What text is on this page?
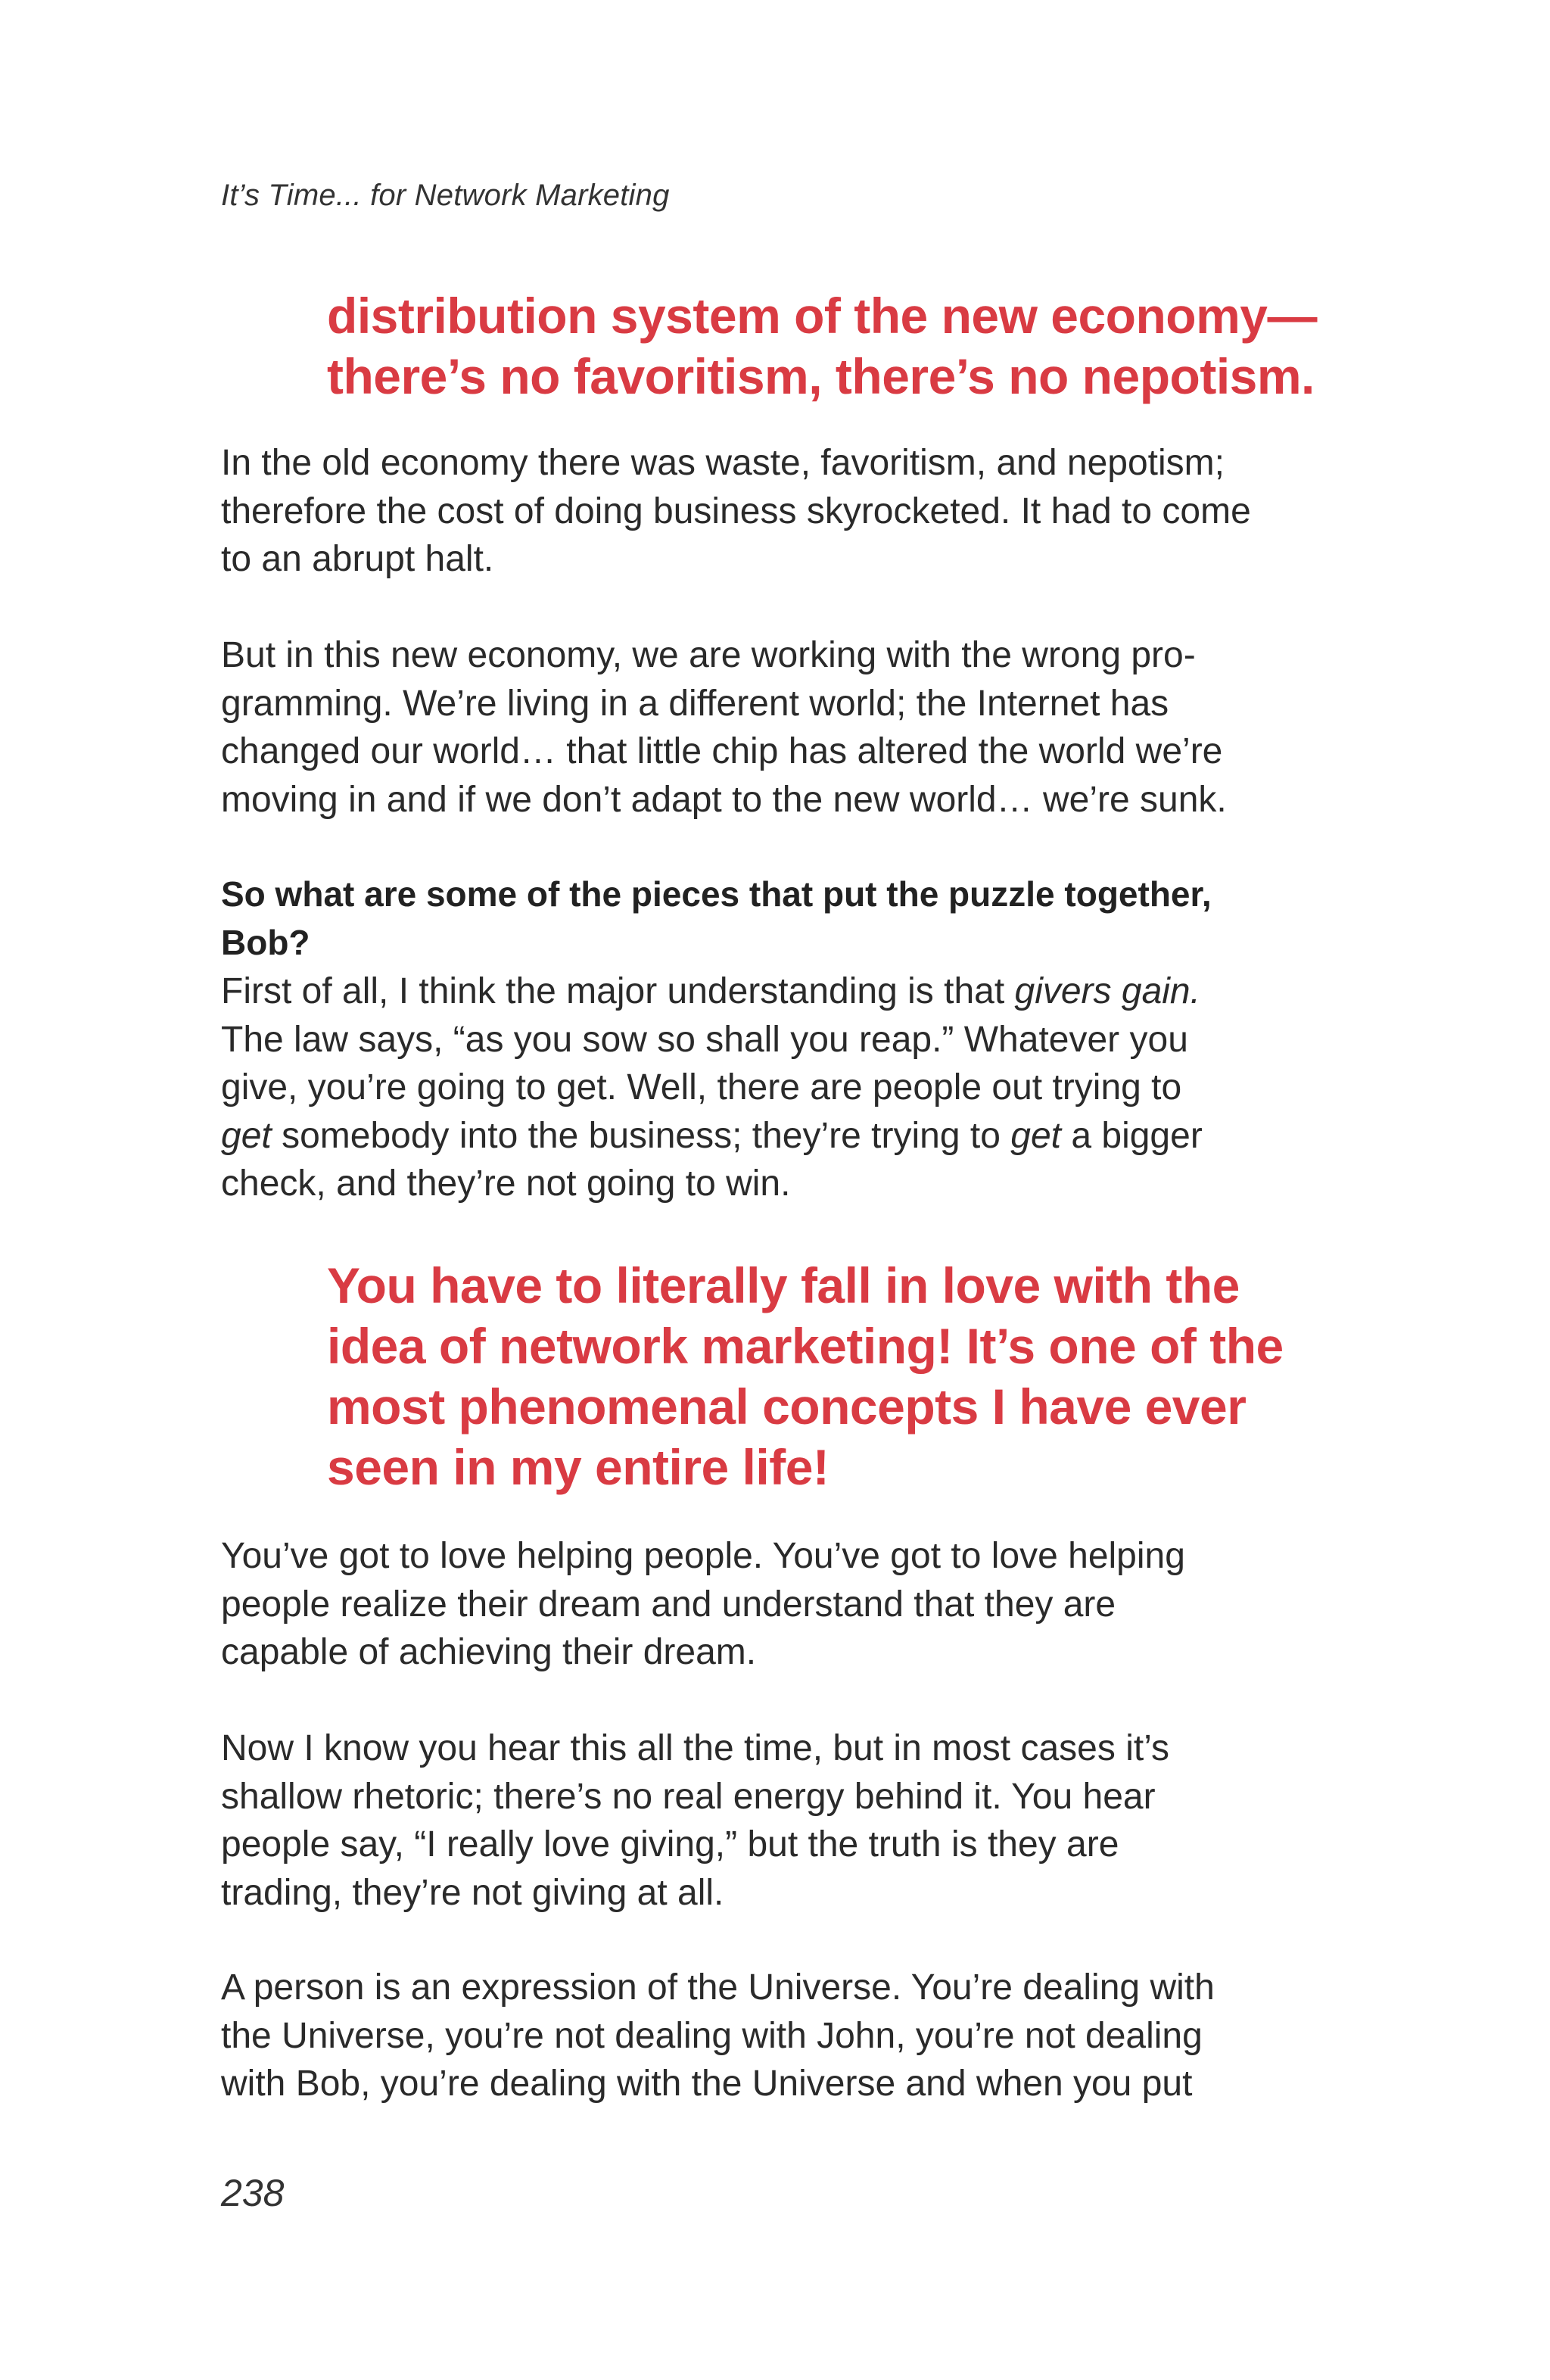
It’s Time... for Network Marketing
distribution system of the new economy—
there’s no favoritism, there’s no nepotism.
In the old economy there was waste, favoritism, and nepotism;
therefore the cost of doing business skyrocketed. It had to come
to an abrupt halt.
But in this new economy, we are working with the wrong pro-
gramming. We’re living in a different world; the Internet has
changed our world… that little chip has altered the world we’re
moving in and if we don’t adapt to the new world… we’re sunk.
So what are some of the pieces that put the puzzle together,
Bob?
First of all, I think the major understanding is that givers gain.
The law says, “as you sow so shall you reap.” Whatever you
give, you’re going to get. Well, there are people out trying to
get somebody into the business; they’re trying to get a bigger
check, and they’re not going to win.
You have to literally fall in love with the
idea of network marketing! It’s one of the
most phenomenal concepts I have ever
seen in my entire life!
You’ve got to love helping people. You’ve got to love helping
people realize their dream and understand that they are
capable of achieving their dream.
Now I know you hear this all the time, but in most cases it’s
shallow rhetoric; there’s no real energy behind it. You hear
people say, “I really love giving,” but the truth is they are
trading, they’re not giving at all.
A person is an expression of the Universe. You’re dealing with
the Universe, you’re not dealing with John, you’re not dealing
with Bob, you’re dealing with the Universe and when you put
238
